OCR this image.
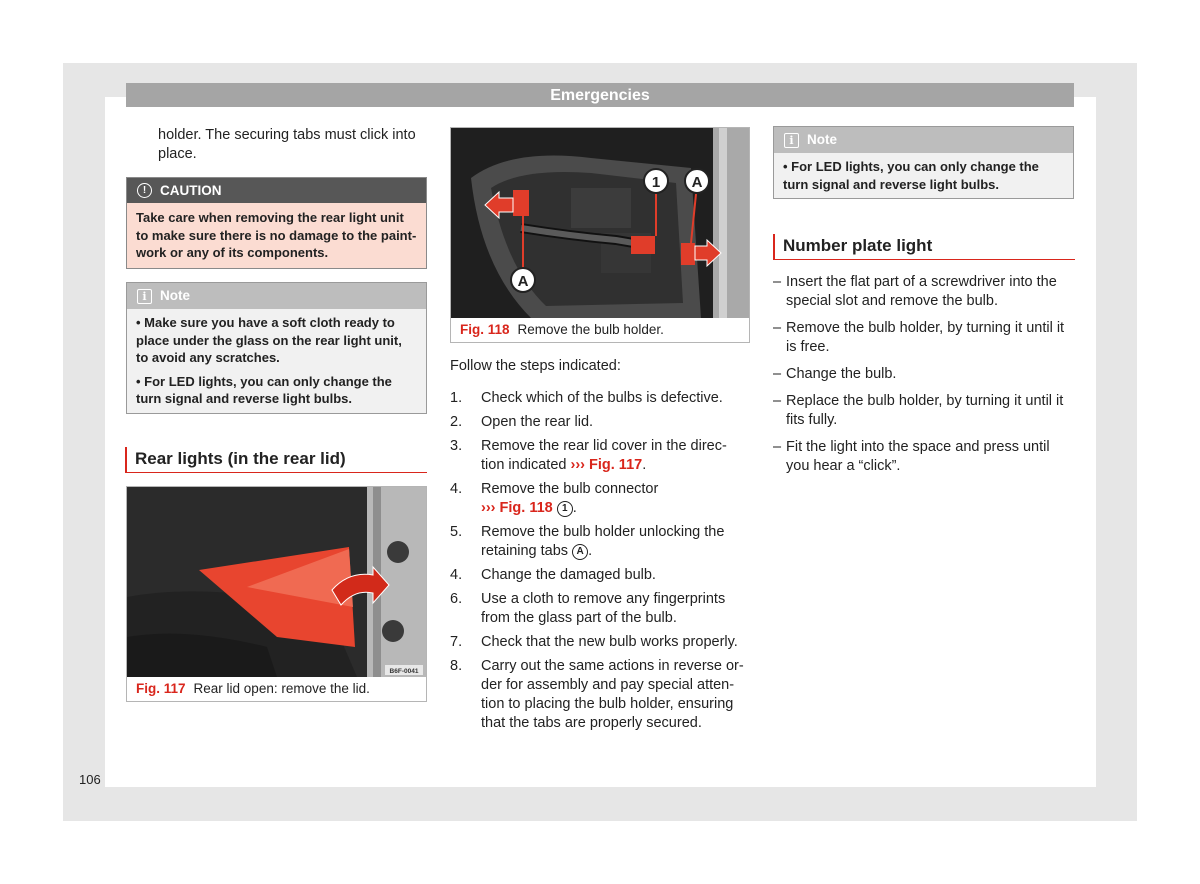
Emergencies
holder. The securing tabs must click into place.
!	CAUTION
Take care when removing the rear light unit to make sure there is no damage to the paint-work or any of its components.
i Note

• Make sure you have a soft cloth ready to place under the glass on the rear light unit, to avoid any scratches.

• For LED lights, you can only change the turn signal and reverse light bulbs.

Rear lights (in the rear lid)
B6F-0041
Fig. 117 Rear lid open: remove the lid.
1 A
A
Fig. 118 Remove the bulb holder.
Follow the steps indicated:
1.	Check which of the bulbs is defective.
2.	Open the rear lid.
3.	Remove the rear lid cover in the direc-tion indicated ››› Fig. 117.
4.	Remove the bulb connector
››› Fig. 118 1 .
5.	Remove the bulb holder unlocking the retaining tabs A .
4.	Change the damaged bulb.
6.	Use a cloth to remove any fingerprints from the glass part of the bulb.
7.	Check that the new bulb works properly.
8.	Carry out the same actions in reverse or-der for assembly and pay special atten-tion to placing the bulb holder, ensuring that the tabs are properly secured.
i Note
• For LED lights, you can only change the turn signal and reverse light bulbs.
Number plate light
– Insert the flat part of a screwdriver into the special slot and remove the bulb.
– Remove the bulb holder, by turning it until it is free.
– Change the bulb.
– Replace the bulb holder, by turning it until it fits fully.
– Fit the light into the space and press until you hear a “click”.
106
